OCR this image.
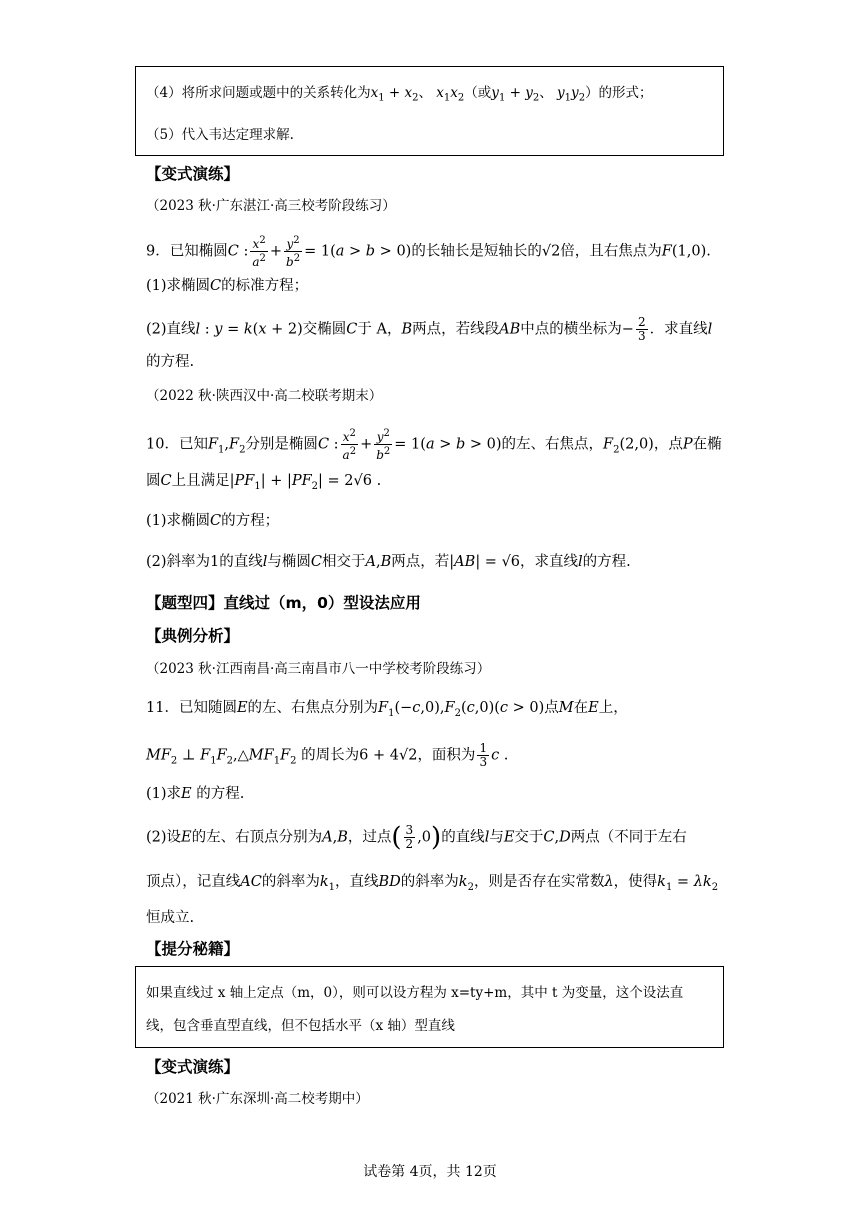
（4）将所求问题或题中的关系转化为$x_1 + x_2$、 $x_1x_2$（或$y_1 + y_2$、 $y_1y_2$）的形式；
（5）代入韦达定理求解.
【变式演练】
（2023 秋·广东湛江·高三校考阶段练习）
9．已知椭圆C : $\frac{x^2}{a^2} + \frac{y^2}{b^2} = 1(a > b > 0)$的长轴长是短轴长的√2倍，且右焦点为F(1,0).
(1)求椭圆C的标准方程；
(2)直线l : y = k(x + 2)交椭圆C于 A，B两点，若线段AB中点的横坐标为− $\frac{2}{3}$ ．求直线l
的方程.
（2022 秋·陕西汉中·高二校联考期末）
10．已知$F_1,F_2$分别是椭圆C : $\frac{x^2}{a^2} + \frac{y^2}{b^2} = 1(a > b > 0)$的左、右焦点，$F_2(2,0)$，点P在椭
圆C上且满足$|PF_1| + |PF_2| = 2√6$ .
(1)求椭圆C的方程；
(2)斜率为1的直线l与椭圆C相交于A,B两点，若|AB| = √6，求直线l的方程.
【题型四】直线过（m，0）型设法应用
【典例分析】
（2023 秋·江西南昌·高三南昌市八一中学校考阶段练习）
11．已知随圆E的左、右焦点分别为$F_1(-c,0),F_2(c,0)(c > 0)$点M在E上，
$MF_2$ ⊥ $F_1F_2,\triangle MF_1F_2$ 的周长为6 + 4√2，面积为 $\frac{1}{3}$ c .
(1)求E 的方程.
(2)设E的左、右顶点分别为A,B，过点( $\frac{3}{2} ,0$)的直线l与E交于C,D两点（不同于左右
顶点），记直线AC的斜率为$k_1$，直线BD的斜率为$k_2$，则是否存在实常数λ，使得$k_1 = \lambda k_2$
恒成立.
【提分秘籍】
如果直线过 x 轴上定点（m，0），则可以设方程为 x=ty+m，其中 t 为变量，这个设法直
线，包含垂直型直线，但不包括水平（x 轴）型直线
【变式演练】
（2021 秋·广东深圳·高二校考期中）
试卷第 4页，共 12页
